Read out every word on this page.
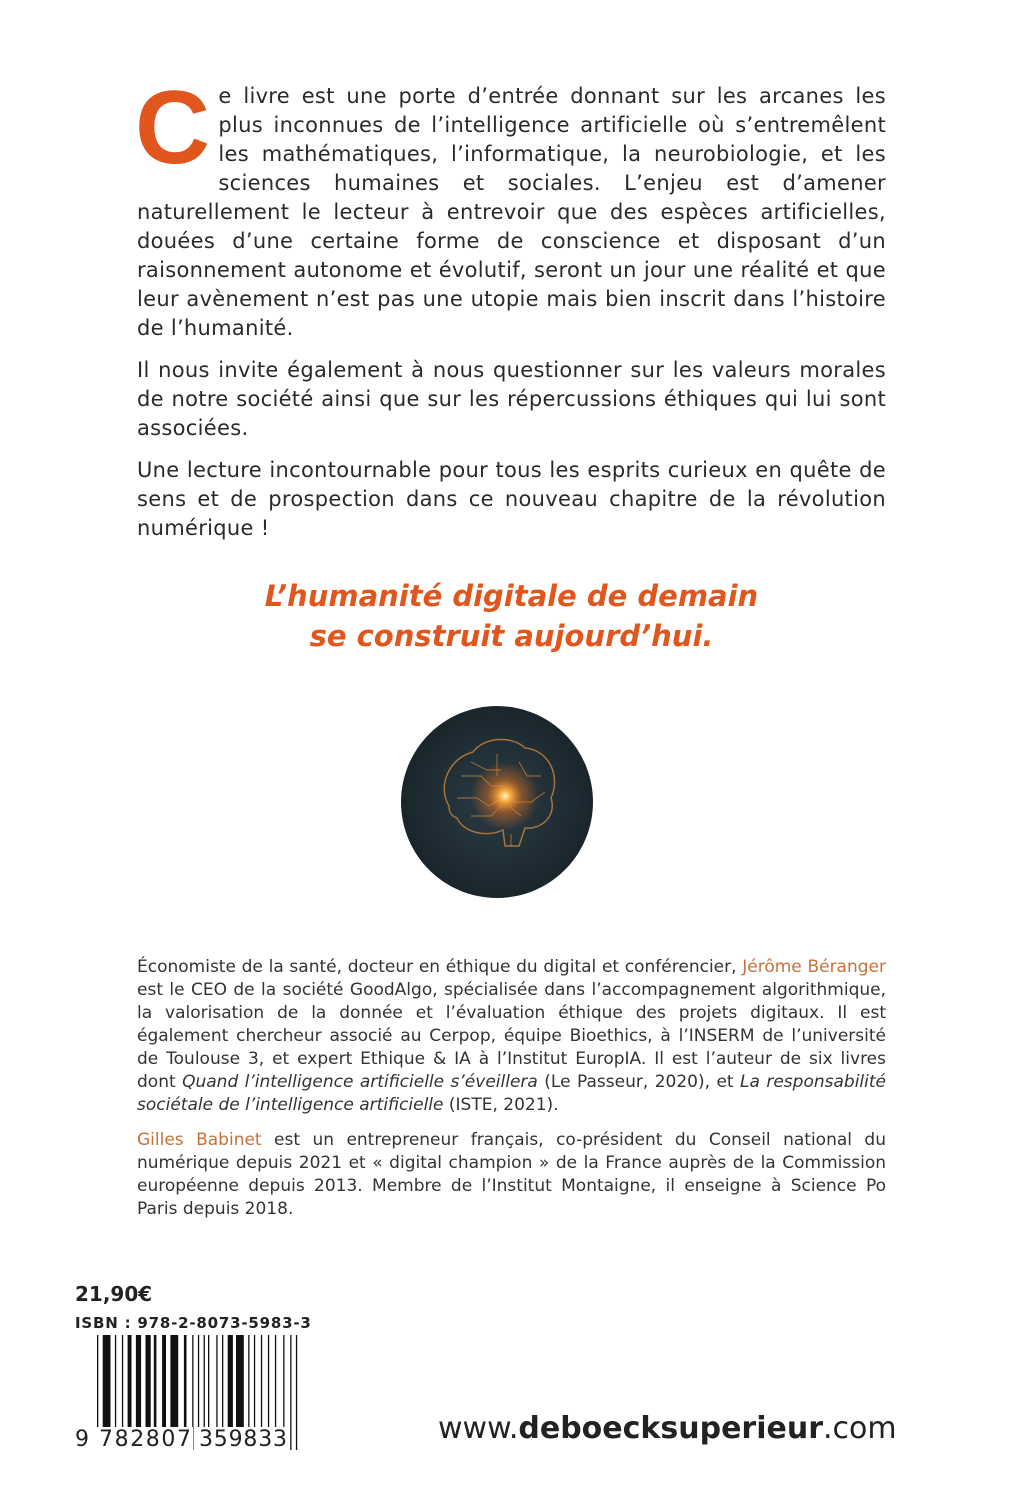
Ce livre est une porte d’entrée donnant sur les arcanes les plus inconnues de l’intelligence artificielle où s’entremêlent les mathématiques, l’informatique, la neurobiologie, et les sciences humaines et sociales. L’enjeu est d’amener naturellement le lecteur à entrevoir que des espèces artificielles, douées d’une certaine forme de conscience et disposant d’un raisonnement autonome et évolutif, seront un jour une réalité et que leur avènement n’est pas une utopie mais bien inscrit dans l’histoire de l’humanité.

Il nous invite également à nous questionner sur les valeurs morales de notre société ainsi que sur les répercussions éthiques qui lui sont associées.

Une lecture incontournable pour tous les esprits curieux en quête de sens et de prospection dans ce nouveau chapitre de la révolution numérique !

L’humanité digitale de demain
se construit aujourd’hui.

Économiste de la santé, docteur en éthique du digital et conférencier, Jérôme Béranger est le CEO de la société GoodAlgo, spécialisée dans l’accompagnement algorithmique, la valorisation de la donnée et l’évaluation éthique des projets digitaux. Il est également chercheur associé au Cerpop, équipe Bioethics, à l’INSERM de l’université de Toulouse 3, et expert Ethique & IA à l’Institut EuropIA. Il est l’auteur de six livres dont Quand l’intelligence artificielle s’éveillera (Le Passeur, 2020), et La responsabilité sociétale de l’intelligence artificielle (ISTE, 2021).

Gilles Babinet est un entrepreneur français, co-président du Conseil national du numérique depuis 2021 et « digital champion » de la France auprès de la Commission européenne depuis 2013. Membre de l’Institut Montaigne, il enseigne à Science Po Paris depuis 2018.

21,90€
ISBN : 978-2-8073-5983-3
9 782807 359833	www.deboecksuperieur.com
